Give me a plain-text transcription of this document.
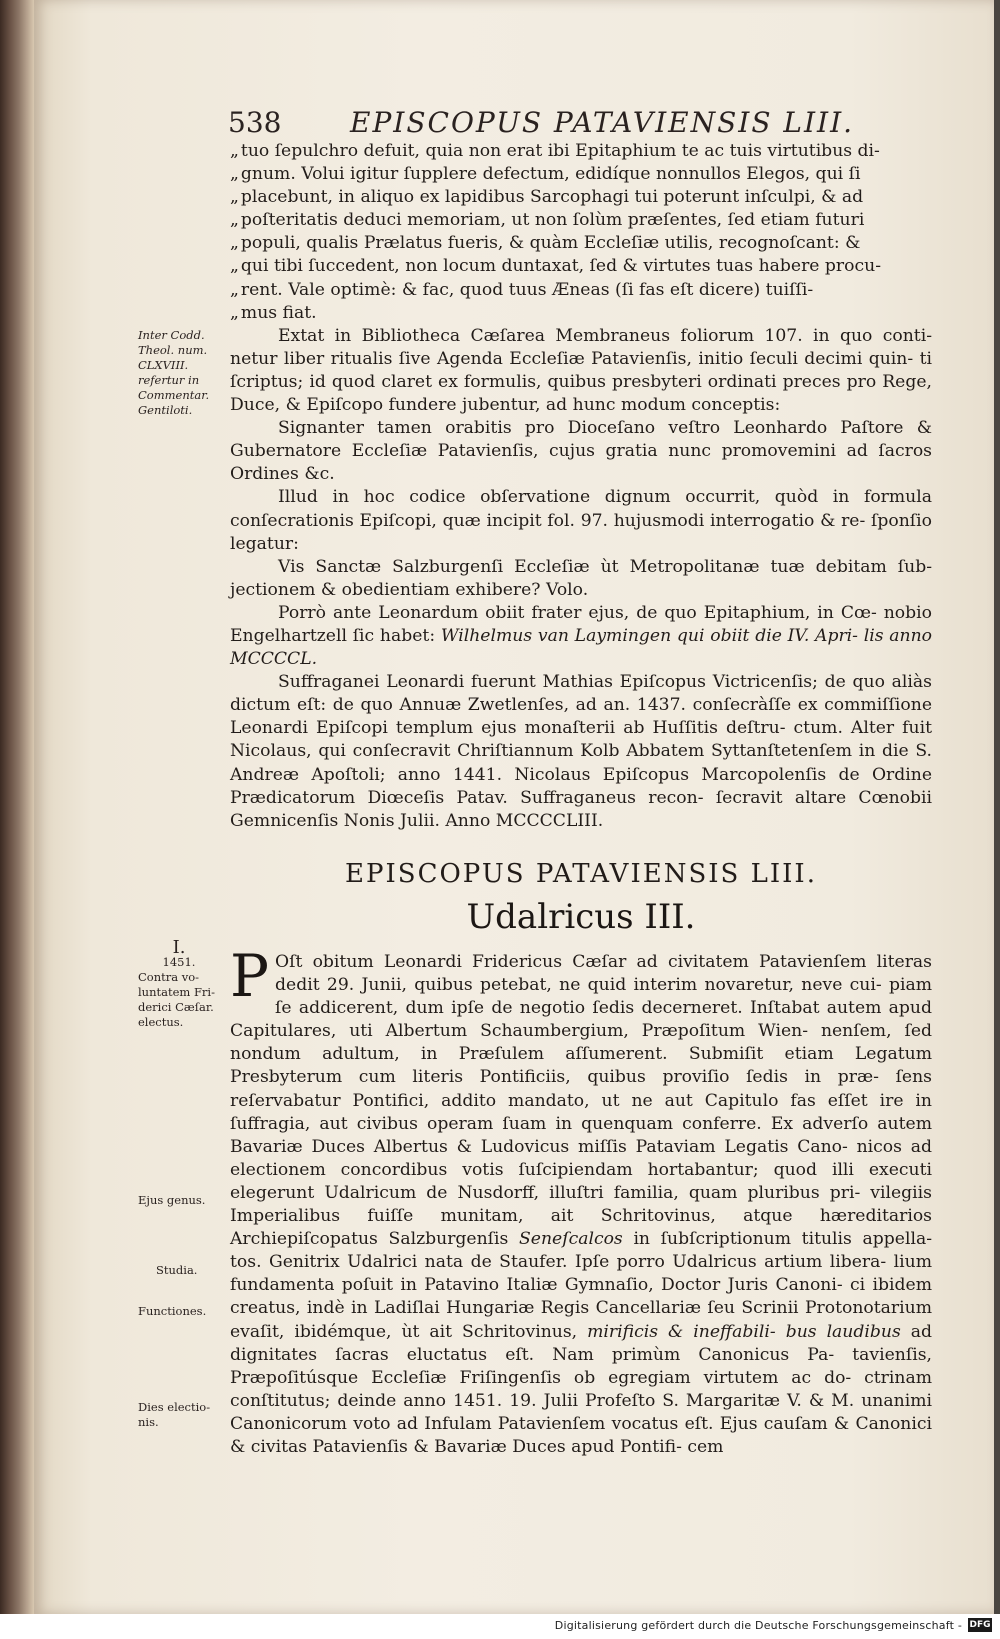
538 EPISCOPUS PATAVIENSIS LIII.
„ tuo ſepulchro defuit, quia non erat ibi Epitaphium te ac tuis virtutibus di-
„ gnum. Volui igitur ſupplere defectum, edidíque nonnullos Elegos, qui ſi
„ placebunt, in aliquo ex lapidibus Sarcophagi tui poterunt inſculpi, & ad
„ poſteritatis deduci memoriam, ut non ſolùm præſentes, ſed etiam futuri
„ populi, qualis Prælatus fueris, & quàm Eccleſiæ utilis, recognoſcant: &
„ qui tibi ſuccedent, non locum duntaxat, ſed & virtutes tuas habere procu-
„ rent. Vale optimè: & fac, quod tuus Æneas (ſi fas eſt dicere) tuiſſi-
„ mus fiat.

Extat in Bibliotheca Cæſarea Membraneus foliorum 107. in quo conti- netur liber ritualis ſive Agenda Eccleſiæ Patavienſis, initio ſeculi decimi quin- ti ſcriptus; id quod claret ex formulis, quibus presbyteri ordinati preces pro Rege, Duce, & Epiſcopo fundere jubentur, ad hunc modum conceptis:

Signanter tamen orabitis pro Dioceſano veſtro Leonhardo Paſtore & Gubernatore Eccleſiæ Patavienſis, cujus gratia nunc promovemini ad ſacros Ordines &c.

Illud in hoc codice obſervatione dignum occurrit, quòd in formula conſecrationis Epiſcopi, quæ incipit fol. 97. hujusmodi interrogatio & re- ſponſio legatur:

Vis Sanctæ Salzburgenſi Eccleſiæ ùt Metropolitanæ tuæ debitam ſub- jectionem & obedientiam exhibere? Volo.

Porrò ante Leonardum obiit frater ejus, de quo Epitaphium, in Cœ- nobio Engelhartzell ſic habet: Wilhelmus van Laymingen qui obiit die IV. Apri- lis anno MCCCCL.

Suffraganei Leonardi fuerunt Mathias Epiſcopus Victricenſis; de quo aliàs dictum eſt: de quo Annuæ Zwetlenſes, ad an. 1437. conſecràſſe ex commiſſione Leonardi Epiſcopi templum ejus monaſterii ab Huſſitis deſtru- ctum. Alter fuit Nicolaus, qui conſecravit Chriſtiannum Kolb Abbatem Syttanſtetenſem in die S. Andreæ Apoſtoli; anno 1441. Nicolaus Epiſcopus Marcopolenſis de Ordine Prædicatorum Diœceſis Patav. Suffraganeus recon- ſecravit altare Cœnobii Gemnicenſis Nonis Julii. Anno MCCCCLIII.

EPISCOPUS PATAVIENSIS LIII.
Udalricus III.
P Oſt obitum Leonardi Fridericus Cæſar ad civitatem Patavienſem literas dedit 29. Junii, quibus petebat, ne quid interim novaretur, neve cui- piam ſe addicerent, dum ipſe de negotio ſedis decerneret. Inſtabat autem apud Capitulares, uti Albertum Schaumbergium, Præpoſitum Wien- nenſem, ſed nondum adultum, in Præſulem aſſumerent. Submiſit etiam Legatum Presbyterum cum literis Pontificiis, quibus proviſio ſedis in præ- ſens reſervabatur Pontifici, addito mandato, ut ne aut Capitulo fas eſſet ire in ſuffragia, aut civibus operam ſuam in quenquam conferre. Ex adverſo autem Bavariæ Duces Albertus & Ludovicus miſſis Pataviam Legatis Cano- nicos ad electionem concordibus votis ſuſcipiendam hortabantur; quod illi executi elegerunt Udalricum de Nusdorff, illuſtri familia, quam pluribus pri- vilegiis Imperialibus fuiſſe munitam, ait Schritovinus, atque hæreditarios Archiepiſcopatus Salzburgenſis Seneſcalcos in ſubſcriptionum titulis appella- tos. Genitrix Udalrici nata de Staufer. Ipſe porro Udalricus artium libera- lium fundamenta poſuit in Patavino Italiæ Gymnaſio, Doctor Juris Canoni- ci ibidem creatus, indè in Ladiſlai Hungariæ Regis Cancellariæ ſeu Scrinii Protonotarium evaſit, ibidémque, ùt ait Schritovinus, mirificis & ineffabili- bus laudibus ad dignitates ſacras eluctatus eſt. Nam primùm Canonicus Pa- tavienſis, Præpoſitúsque Eccleſiæ Friſingenſis ob egregiam virtutem ac do- ctrinam conſtitutus; deinde anno 1451. 19. Julii Profeſto S. Margaritæ V. & M. unanimi Canonicorum voto ad Infulam Patavienſem vocatus eſt. Ejus cauſam & Canonici & civitas Patavienſis & Bavariæ Duces apud Pontifi- cem
Inter Codd. Theol. num. CLXVIII. refertur in Commentar. Gentiloti.
I.
1451.
Contra vo- luntatem Fri- derici Cæſar. electus.
Ejus genus.
Studia.
Functiones.
Dies electio- nis.
Digitalisierung gefördert durch die Deutsche Forschungsgemeinschaft - DFG
